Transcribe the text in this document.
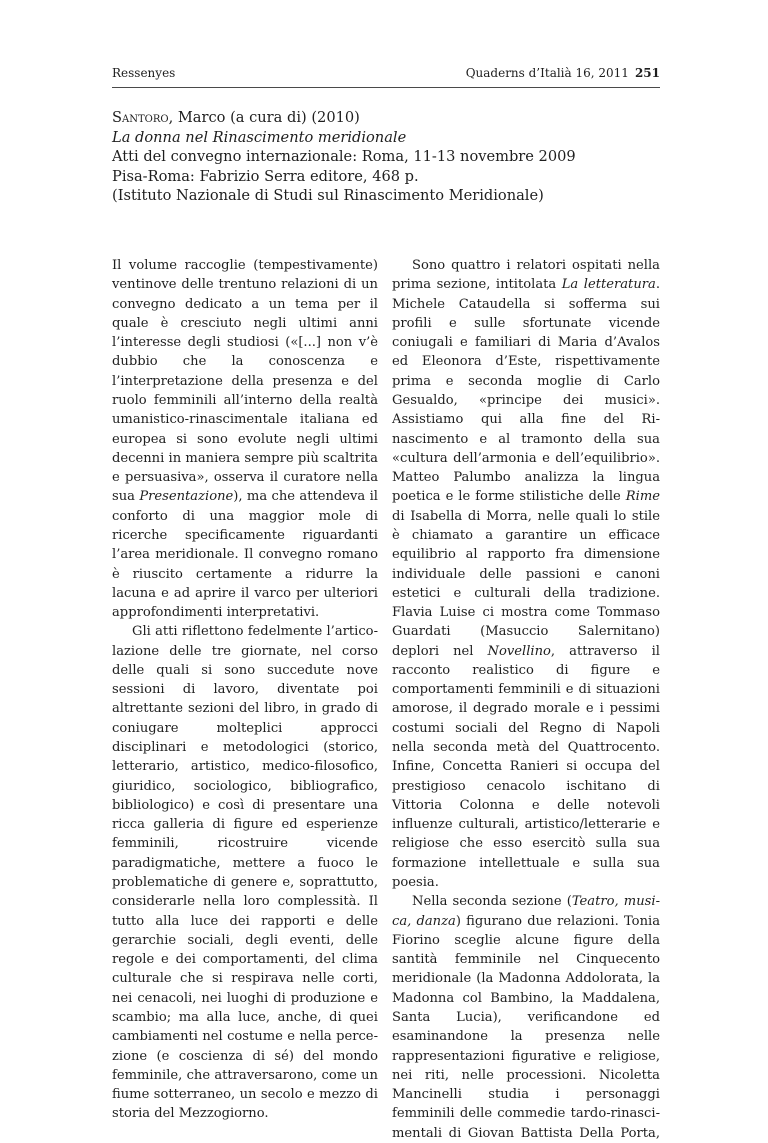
Ressenyes	Quaderns d’Italià 16, 2011 251
Santoro, Marco (a cura di) (2010)
La donna nel Rinascimento meridionale
Atti del convegno internazionale: Roma, 11-13 novembre 2009
Pisa-Roma: Fabrizio Serra editore, 468 p.
(Istituto Nazionale di Studi sul Rinascimento Meridionale)

Il volume raccoglie (tempestivamente) ventinove delle trentuno relazioni di un convegno dedicato a un tema per il quale è cresciuto negli ultimi anni l’interesse degli studiosi («[...] non v’è dubbio che la conoscenza e l’interpretazione della presenza e del ruolo femminili all’interno della realtà umanistico-rinascimentale italiana ed europea si sono evolute negli ultimi decenni in maniera sempre più scaltrita e persuasiva», osserva il curatore nella sua Presentazione), ma che attendeva il conforto di una maggior mole di ricerche specificamente riguardanti l’area meridionale. Il convegno romano è riuscito certamente a ridurre la lacuna e ad aprire il varco per ulteriori approfondimenti interpretativi.

Gli atti riflettono fedelmente l’articolazione delle tre giornate, nel corso delle quali si sono succedute nove sessioni di lavoro, diventate poi altrettante sezioni del libro, in grado di coniugare molteplici approcci disciplinari e metodologici (storico, letterario, artistico, medico-filosofico, giuridico, sociologico, bibliografico, bibliologico) e così di presentare una ricca galleria di figure ed esperienze femminili, ricostruire vicende paradigmatiche, mettere a fuoco le problematiche di genere e, soprattutto, considerarle nella loro complessità. Il tutto alla luce dei rapporti e delle gerarchie sociali, degli eventi, delle regole e dei comportamenti, del clima culturale che si respirava nelle corti, nei cenacoli, nei luoghi di produzione e scambio; ma alla luce, anche, di quei cambiamenti nel costume e nella percezione (e coscienza di sé) del mondo femminile, che attraversarono, come un fiume sotterraneo, un secolo e mezzo di storia del Mezzogiorno.

Sono quattro i relatori ospitati nella prima sezione, intitolata La letteratura. Michele Cataudella si sofferma sui profili e sulle sfortunate vicende coniugali e familiari di Maria d’Avalos ed Eleonora d’Este, rispettivamente prima e seconda moglie di Carlo Gesualdo, «principe dei musici». Assistiamo qui alla fine del Rinascimento e al tramonto della sua «cultura dell’armonia e dell’equilibrio». Matteo Palumbo analizza la lingua poetica e le forme stilistiche delle Rime di Isabella di Morra, nelle quali lo stile è chiamato a garantire un efficace equilibrio al rapporto fra dimensione individuale delle passioni e canoni estetici e culturali della tradizione. Flavia Luise ci mostra come Tommaso Guardati (Masuccio Salernitano) deplori nel Novellino, attraverso il racconto realistico di figure e comportamenti femminili e di situazioni amorose, il degrado morale e i pessimi costumi sociali del Regno di Napoli nella seconda metà del Quattrocento. Infine, Concetta Ranieri si occupa del prestigioso cenacolo ischitano di Vittoria Colonna e delle notevoli influenze culturali, artistico/letterarie e religiose che esso esercitò sulla sua formazione intellettuale e sulla sua poesia.

Nella seconda sezione (Teatro, musica, danza) figurano due relazioni. Tonia Fiorino sceglie alcune figure della santità femminile nel Cinquecento meridionale (la Madonna Addolorata, la Madonna col Bambino, la Maddalena, Santa Lucia), verificandone ed esaminandone la presenza nelle rappresentazioni figurative e religiose, nei riti, nelle processioni. Nicoletta Mancinelli studia i personaggi femminili delle commedie tardo-rinascimentali di Giovan Battista Della Porta,
